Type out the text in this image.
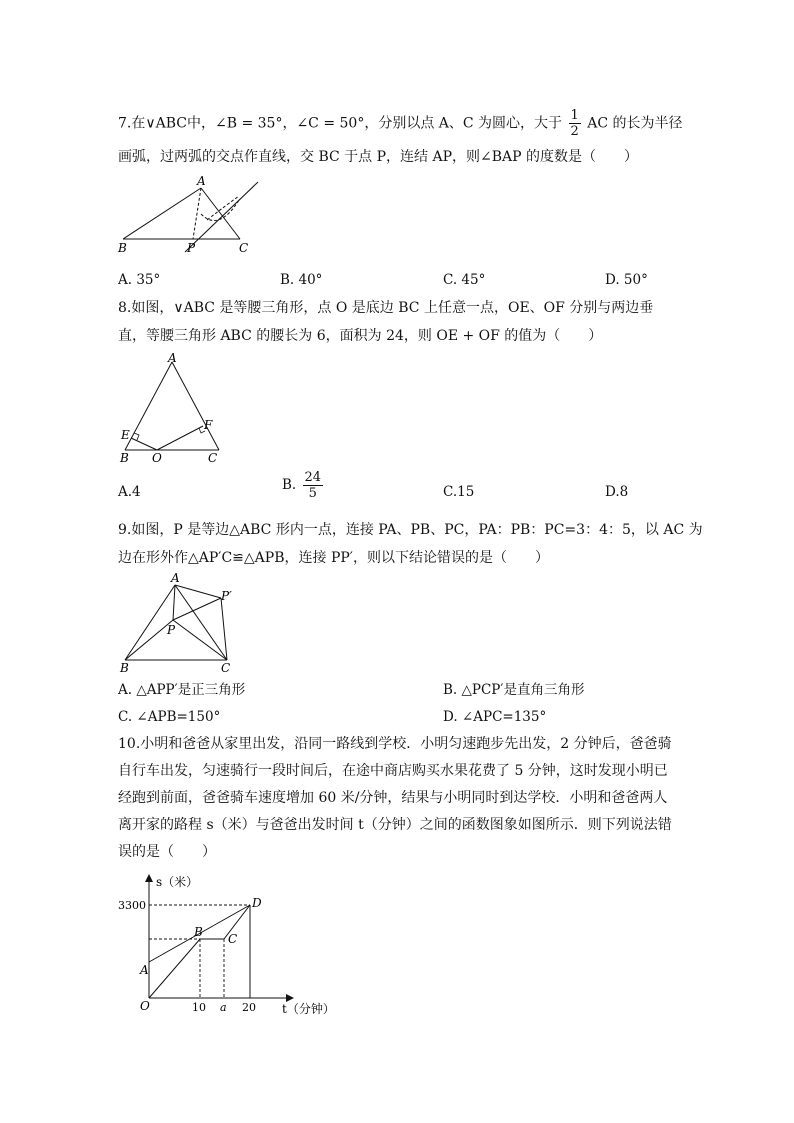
7.在∨ABC中，∠B = 35°，∠C = 50°，分别以点 A、C 为圆心，大于 $\frac{1}{2}$ AC 的长为半径
画弧，过两弧的交点作直线，交 BC 于点 P，连结 AP，则∠BAP 的度数是（　　）
A
B	P	C
A. 35°	B. 40°	C. 45°	D. 50°
8.如图，∨ABC 是等腰三角形，点 O 是底边 BC 上任意一点，OE、OF 分别与两边垂
直，等腰三角形 ABC 的腰长为 6，面积为 24，则 OE + OF 的值为（　　）
A
E
F
B O	C
A.4	B. $\frac{24}{5}$	C.15	D.8
9.如图，P 是等边△ABC 形内一点，连接 PA、PB、PC，PA：PB：PC=3：4：5，以 AC 为
边在形外作△AP′C≌△APB，连接 PP′，则以下结论错误的是（　　）
A
P′
P
B	C
A. △APP′是正三角形	B. △PCP′是直角三角形
C. ∠APB=150°	D. ∠APC=135°
10.小明和爸爸从家里出发，沿同一路线到学校．小明匀速跑步先出发，2 分钟后，爸爸骑
自行车出发，匀速骑行一段时间后，在途中商店购买水果花费了 5 分钟，这时发现小明已
经跑到前面，爸爸骑车速度增加 60 米/分钟，结果与小明同时到达学校．小明和爸爸两人
离开家的路程 s（米）与爸爸出发时间 t（分钟）之间的函数图象如图所示．则下列说法错
误的是（　　）
s（米）
t（分钟）
3300
10 a 20
O
A
B C
D
